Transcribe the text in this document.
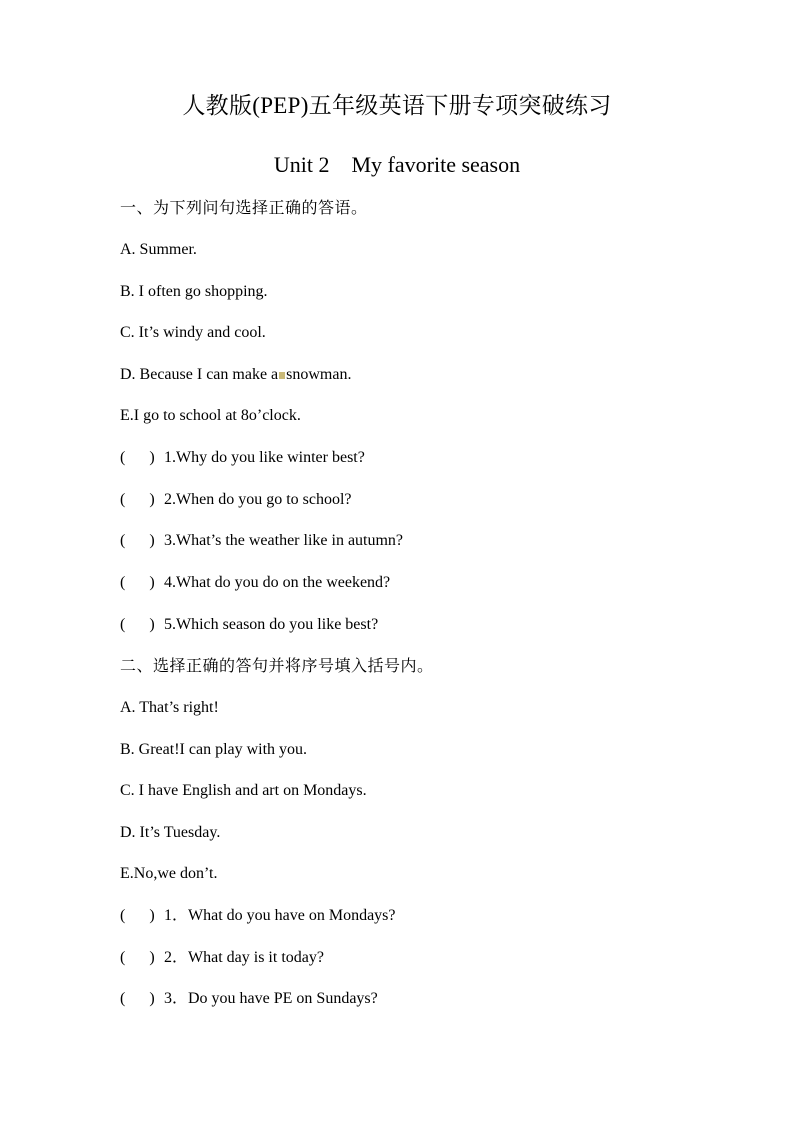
人教版(PEP)五年级英语下册专项突破练习
Unit 2 My favorite season
一、为下列问句选择正确的答语。
A. Summer.
B. I often go shopping.
C. It’s windy and cool.
D. Because I can make a snowman.
E.I go to school at 8o’clock.
(      ) 1.Why do you like winter best?
(      ) 2.When do you go to school?
(      ) 3.What’s the weather like in autumn?
(      ) 4.What do you do on the weekend?
(      ) 5.Which season do you like best?
二、选择正确的答句并将序号填入括号内。
A. That’s right!
B. Great!I can play with you.
C. I have English and art on Mondays.
D. It’s Tuesday.
E.No,we don’t.
(      ) 1．What do you have on Mondays?
(      ) 2．What day is it today?
(      ) 3．Do you have PE on Sundays?
